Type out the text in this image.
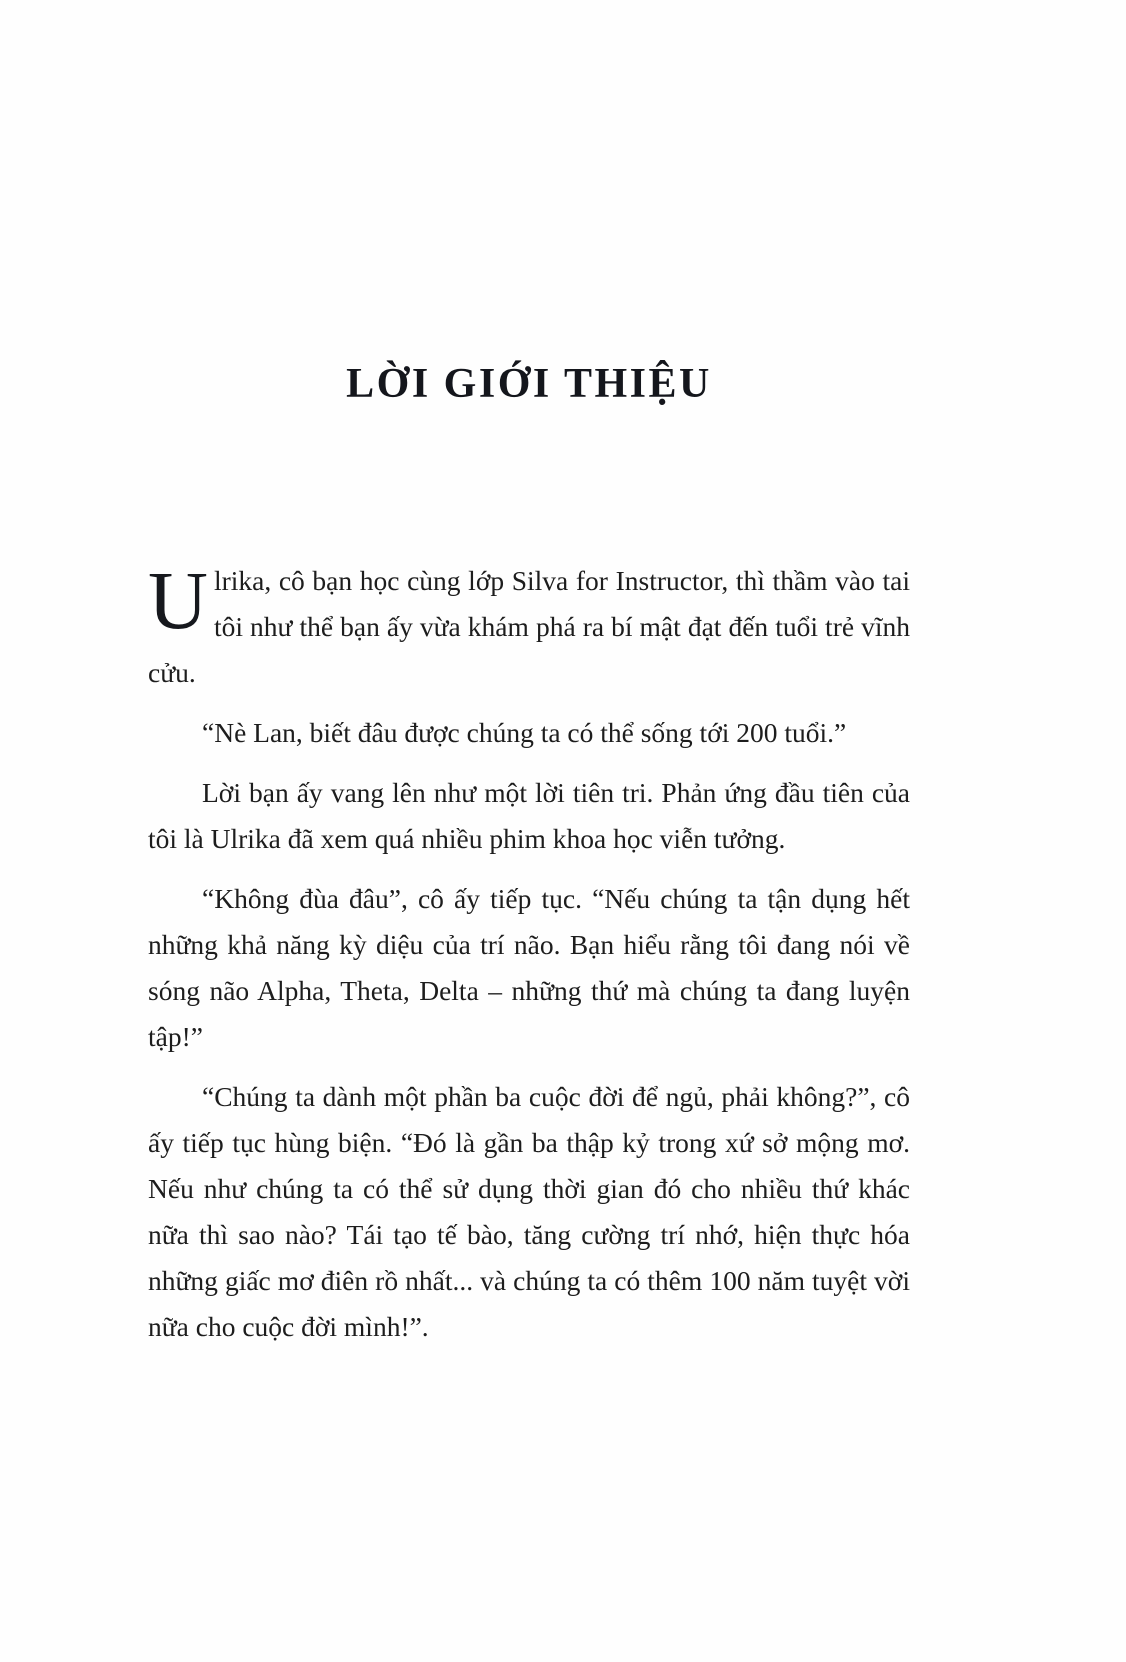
LỜI GIỚI THIỆU

Ulrika, cô bạn học cùng lớp Silva for Instructor, thì thầm vào tai tôi như thể bạn ấy vừa khám phá ra bí mật đạt đến tuổi trẻ vĩnh cửu.

“Nè Lan, biết đâu được chúng ta có thể sống tới 200 tuổi.”

Lời bạn ấy vang lên như một lời tiên tri. Phản ứng đầu tiên của tôi là Ulrika đã xem quá nhiều phim khoa học viễn tưởng.

“Không đùa đâu”, cô ấy tiếp tục. “Nếu chúng ta tận dụng hết những khả năng kỳ diệu của trí não. Bạn hiểu rằng tôi đang nói về sóng não Alpha, Theta, Delta – những thứ mà chúng ta đang luyện tập!”

“Chúng ta dành một phần ba cuộc đời để ngủ, phải không?”, cô ấy tiếp tục hùng biện. “Đó là gần ba thập kỷ trong xứ sở mộng mơ. Nếu như chúng ta có thể sử dụng thời gian đó cho nhiều thứ khác nữa thì sao nào? Tái tạo tế bào, tăng cường trí nhớ, hiện thực hóa những giấc mơ điên rồ nhất... và chúng ta có thêm 100 năm tuyệt vời nữa cho cuộc đời mình!”.
